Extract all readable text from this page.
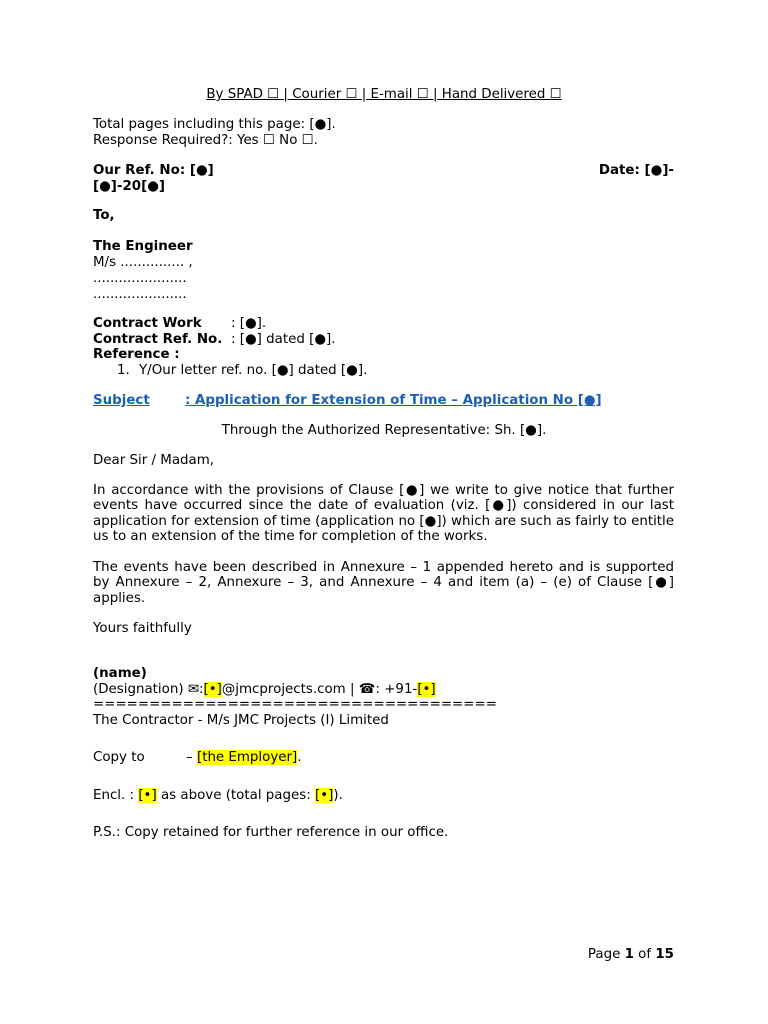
By SPAD ☐ | Courier ☐ | E-mail ☐ | Hand Delivered ☐
Total pages including this page: [●].
Response Required?: Yes ☐ No ☐.
Our Ref. No: [●]	Date: [●]-
[●]-20[●]
To,
The Engineer
M/s ............... ,
......................
......................
Contract Work : [●].
Contract Ref. No. : [●] dated [●].
Reference :
1. Y/Our letter ref. no. [●] dated [●].
Subject	: Application for Extension of Time – Application No [●]
Through the Authorized Representative: Sh. [●].
Dear Sir / Madam,
In accordance with the provisions of Clause [●] we write to give notice that further events have occurred since the date of evaluation (viz. [●]) considered in our last application for extension of time (application no [●]) which are such as fairly to entitle us to an extension of the time for completion of the works.
The events have been described in Annexure – 1 appended hereto and is supported by Annexure – 2, Annexure – 3, and Annexure – 4 and item (a) – (e) of Clause [●] applies.
Yours faithfully
(name)
(Designation) ✉:[•]@jmcprojects.com | ☎: +91-[•]
====================================
The Contractor - M/s JMC Projects (I) Limited
Copy to	– [the Employer].
Encl. : [•] as above (total pages: [•]).
P.S.: Copy retained for further reference in our office.
Page 1 of 15
